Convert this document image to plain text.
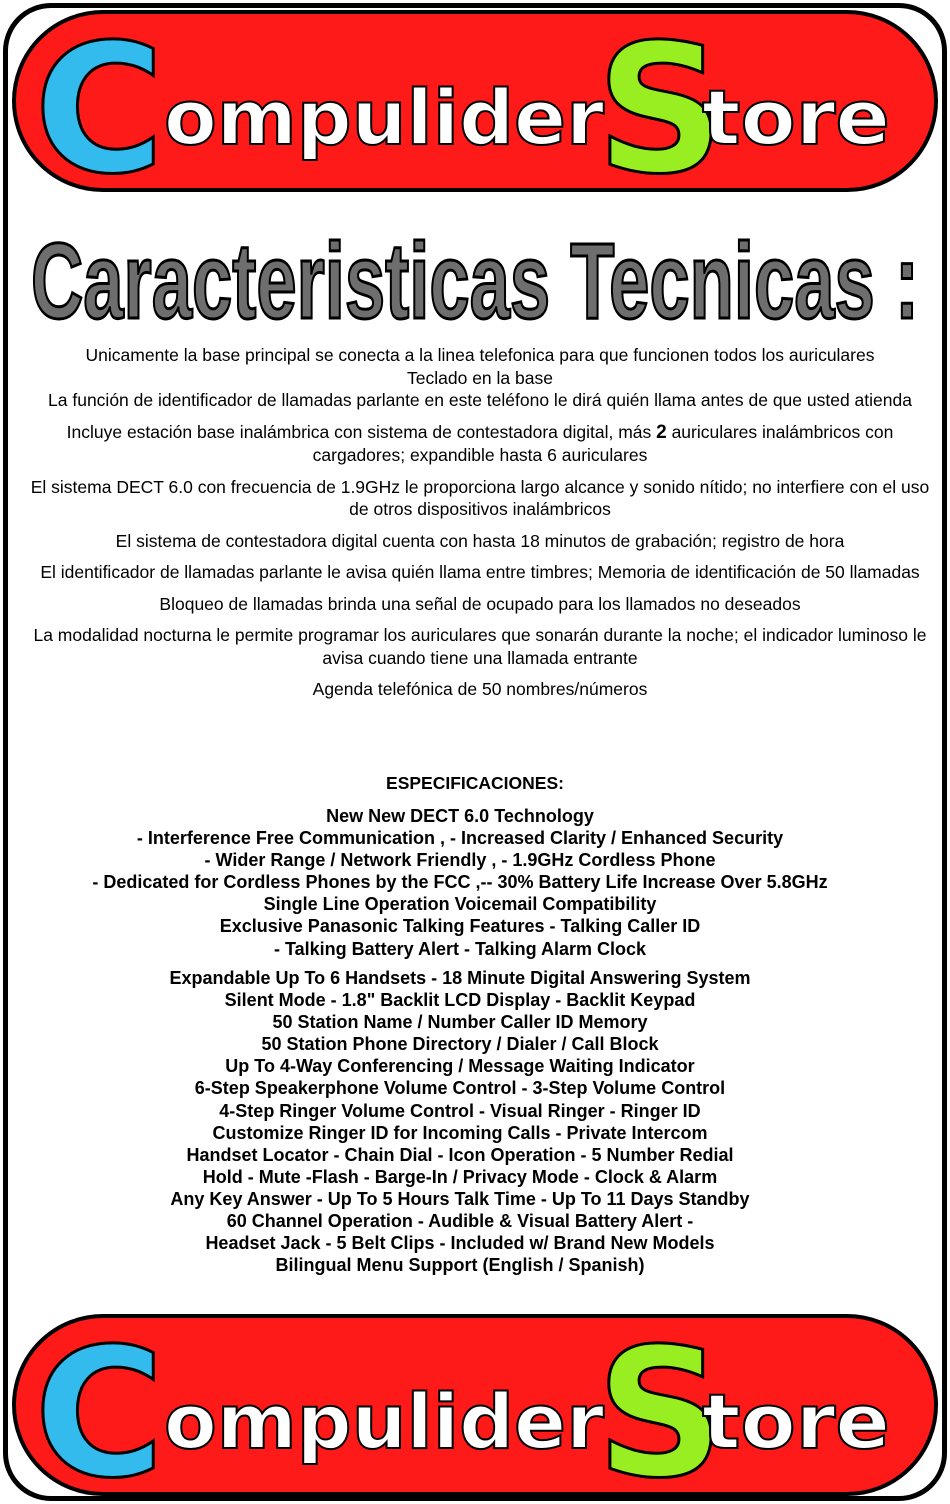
C ompulider
S
tore
Caracteristicas Tecnicas :

Unicamente la base principal se conecta a la linea telefonica para que funcionen todos los auriculares
Teclado en la base
La función de identificador de llamadas parlante en este teléfono le dirá quién llama antes de que usted atienda

Incluye estación base inalámbrica con sistema de contestadora digital, más 2 auriculares inalámbricos con cargadores; expandible hasta 6 auriculares

El sistema DECT 6.0 con frecuencia de 1.9GHz le proporciona largo alcance y sonido nítido; no interfiere con el uso de otros dispositivos inalámbricos

El sistema de contestadora digital cuenta con hasta 18 minutos de grabación; registro de hora

El identificador de llamadas parlante le avisa quién llama entre timbres; Memoria de identificación de 50 llamadas

Bloqueo de llamadas brinda una señal de ocupado para los llamados no deseados

La modalidad nocturna le permite programar los auriculares que sonarán durante la noche; el indicador luminoso le avisa cuando tiene una llamada entrante

Agenda telefónica de 50 nombres/números

ESPECIFICACIONES:
New New DECT 6.0 Technology
- Interference Free Communication , - Increased Clarity / Enhanced Security
- Wider Range / Network Friendly , - 1.9GHz Cordless Phone
- Dedicated for Cordless Phones by the FCC ,-- 30% Battery Life Increase Over 5.8GHz
Single Line Operation Voicemail Compatibility
Exclusive Panasonic Talking Features - Talking Caller ID
- Talking Battery Alert - Talking Alarm Clock
Expandable Up To 6 Handsets - 18 Minute Digital Answering System
Silent Mode - 1.8" Backlit LCD Display - Backlit Keypad
50 Station Name / Number Caller ID Memory
50 Station Phone Directory / Dialer / Call Block
Up To 4-Way Conferencing / Message Waiting Indicator
6-Step Speakerphone Volume Control - 3-Step Volume Control
4-Step Ringer Volume Control - Visual Ringer - Ringer ID
Customize Ringer ID for Incoming Calls - Private Intercom
Handset Locator - Chain Dial - Icon Operation - 5 Number Redial
Hold - Mute -Flash - Barge-In / Privacy Mode - Clock & Alarm
Any Key Answer - Up To 5 Hours Talk Time - Up To 11 Days Standby
60 Channel Operation - Audible & Visual Battery Alert -
Headset Jack - 5 Belt Clips - Included w/ Brand New Models
Bilingual Menu Support (English / Spanish)
C ompulider
S
tore
